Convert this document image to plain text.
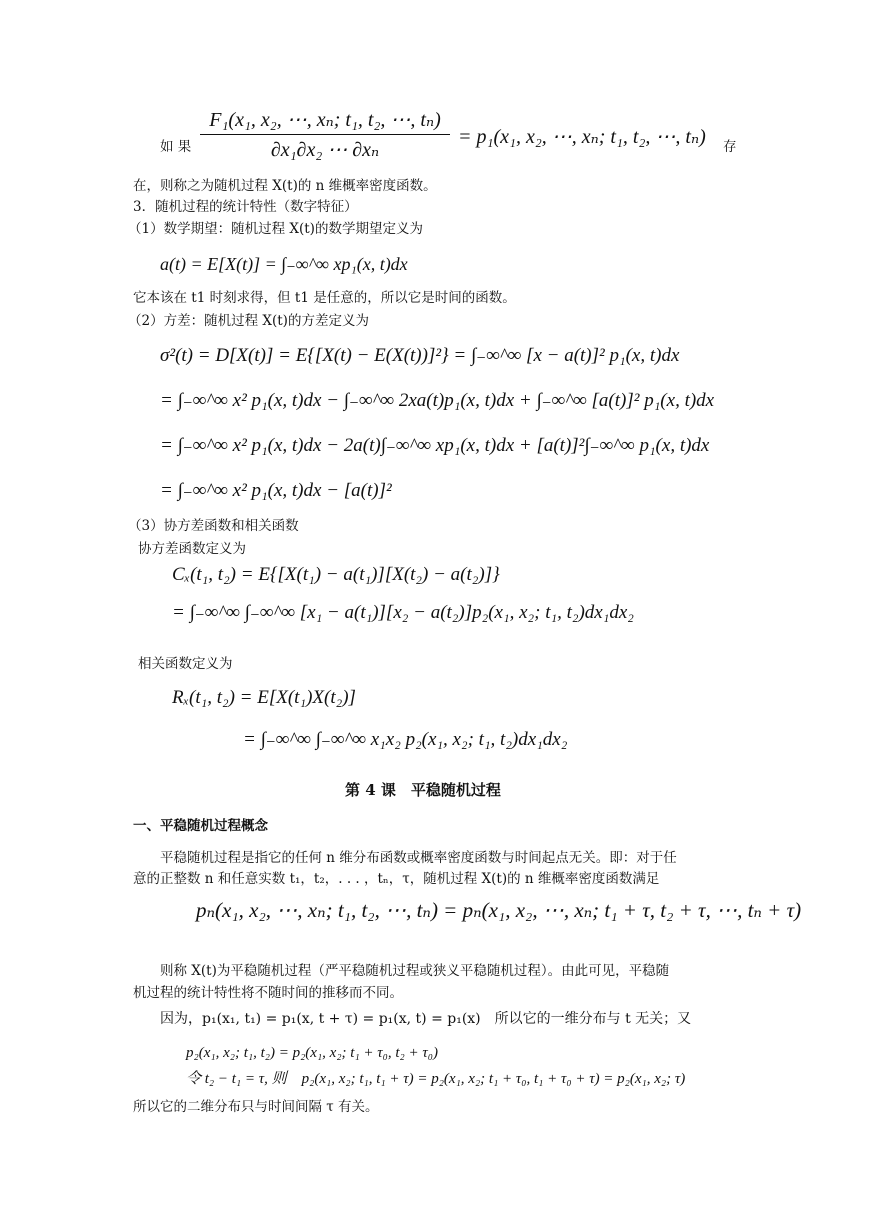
如 果
F₁(x₁, x₂, ⋯, xₙ; t₁, t₂, ⋯, tₙ)
∂x₁∂x₂ ⋯ ∂xₙ
= p₁(x₁, x₂, ⋯, xₙ; t₁, t₂, ⋯, tₙ) 存
在，则称之为随机过程 X(t)的 n 维概率密度函数。
3．随机过程的统计特性（数字特征）
（1）数学期望：随机过程 X(t)的数学期望定义为
a(t) = E[X(t)] = ∫₋∞^∞ xp₁(x, t)dx
它本该在 t1 时刻求得，但 t1 是任意的，所以它是时间的函数。
（2）方差：随机过程 X(t)的方差定义为
σ²(t) = D[X(t)] = E{[X(t) − E(X(t))]²} = ∫₋∞^∞ [x − a(t)]² p₁(x, t)dx
= ∫₋∞^∞ x² p₁(x, t)dx − ∫₋∞^∞ 2xa(t)p₁(x, t)dx + ∫₋∞^∞ [a(t)]² p₁(x, t)dx
= ∫₋∞^∞ x² p₁(x, t)dx − 2a(t)∫₋∞^∞ xp₁(x, t)dx + [a(t)]²∫₋∞^∞ p₁(x, t)dx
= ∫₋∞^∞ x² p₁(x, t)dx − [a(t)]²
（3）协方差函数和相关函数
协方差函数定义为
Cₓ(t₁, t₂) = E{[X(t₁) − a(t₁)][X(t₂) − a(t₂)]}
= ∫₋∞^∞ ∫₋∞^∞ [x₁ − a(t₁)][x₂ − a(t₂)]p₂(x₁, x₂; t₁, t₂)dx₁dx₂
相关函数定义为
Rₓ(t₁, t₂) = E[X(t₁)X(t₂)]
= ∫₋∞^∞ ∫₋∞^∞ x₁x₂ p₂(x₁, x₂; t₁, t₂)dx₁dx₂
第 4 课　平稳随机过程
一、平稳随机过程概念
平稳随机过程是指它的任何 n 维分布函数或概率密度函数与时间起点无关。即：对于任
意的正整数 n 和任意实数 t₁，t₂，. . . ，tₙ，τ，随机过程 X(t)的 n 维概率密度函数满足
pₙ(x₁, x₂, ⋯, xₙ; t₁, t₂, ⋯, tₙ) = pₙ(x₁, x₂, ⋯, xₙ; t₁ + τ, t₂ + τ, ⋯, tₙ + τ)
则称 X(t)为平稳随机过程（严平稳随机过程或狭义平稳随机过程）。由此可见，平稳随
机过程的统计特性将不随时间的推移而不同。
因为，p₁(x₁, t₁) = p₁(x, t + τ) = p₁(x, t) = p₁(x)　所以它的一维分布与 t 无关；又
p₂(x₁, x₂; t₁, t₂) = p₂(x₁, x₂; t₁ + τ₀, t₂ + τ₀)
令 t₂ − t₁ = τ, 则　p₂(x₁, x₂; t₁, t₁ + τ) = p₂(x₁, x₂; t₁ + τ₀, t₁ + τ₀ + τ) = p₂(x₁, x₂; τ)
所以它的二维分布只与时间间隔 τ 有关。
